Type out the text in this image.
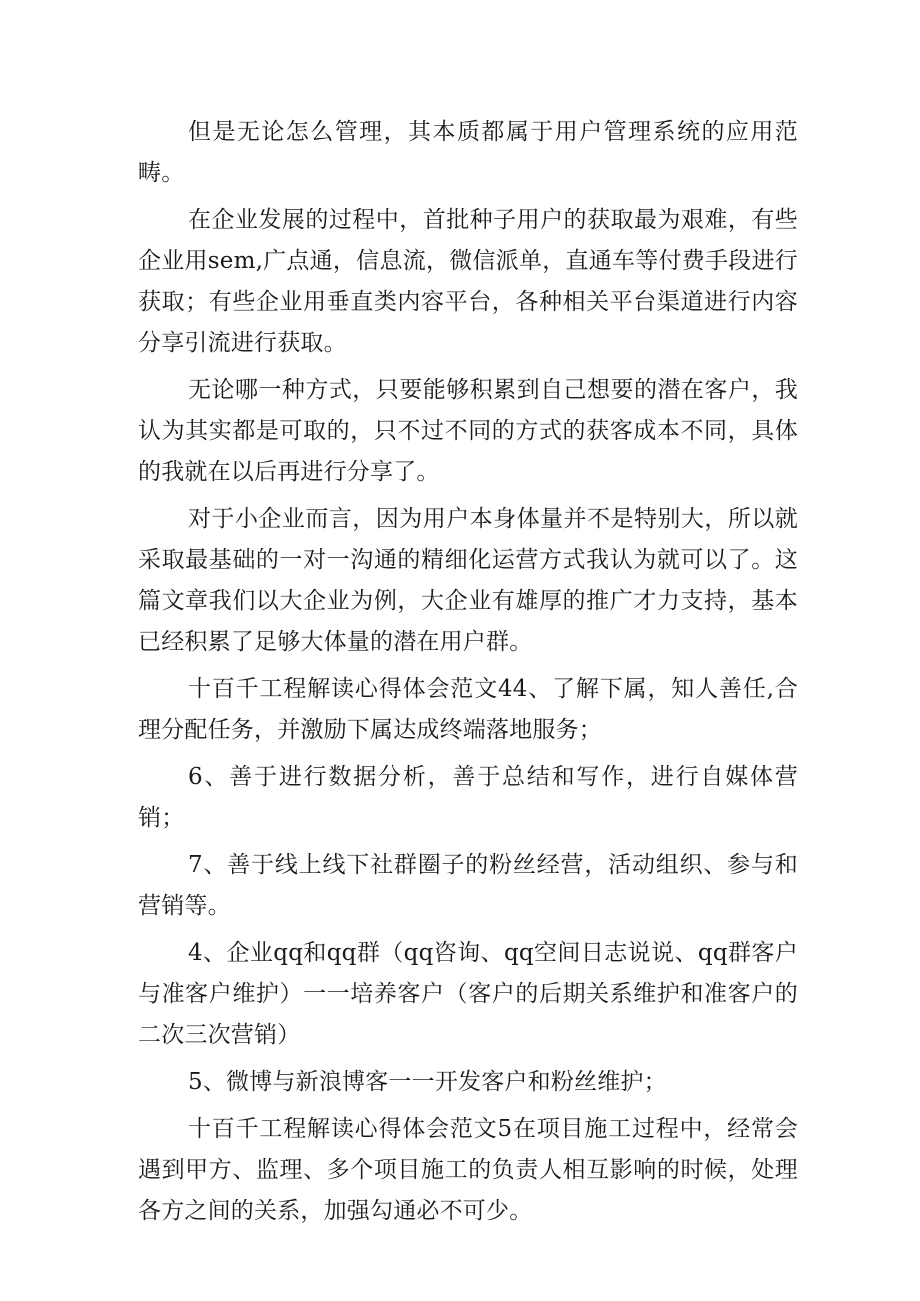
但是无论怎么管理，其本质都属于用户管理系统的应用范畴。

在企业发展的过程中，首批种子用户的获取最为艰难，有些企业用sem,广点通，信息流，微信派单，直通车等付费手段进行获取；有些企业用垂直类内容平台，各种相关平台渠道进行内容分享引流进行获取。

无论哪一种方式，只要能够积累到自己想要的潜在客户，我认为其实都是可取的，只不过不同的方式的获客成本不同，具体的我就在以后再进行分享了。

对于小企业而言，因为用户本身体量并不是特别大，所以就采取最基础的一对一沟通的精细化运营方式我认为就可以了。这篇文章我们以大企业为例，大企业有雄厚的推广才力支持，基本已经积累了足够大体量的潜在用户群。

十百千工程解读心得体会范文44、了解下属，知人善任,合理分配任务，并激励下属达成终端落地服务；

6、善于进行数据分析，善于总结和写作，进行自媒体营销；

7、善于线上线下社群圈子的粉丝经营，活动组织、参与和营销等。

4、企业qq和qq群（qq咨询、qq空间日志说说、qq群客户与准客户维护）一一培养客户（客户的后期关系维护和准客户的二次三次营销）

5、微博与新浪博客一一开发客户和粉丝维护；

十百千工程解读心得体会范文5在项目施工过程中，经常会遇到甲方、监理、多个项目施工的负责人相互影响的时候，处理各方之间的关系，加强勾通必不可少。
